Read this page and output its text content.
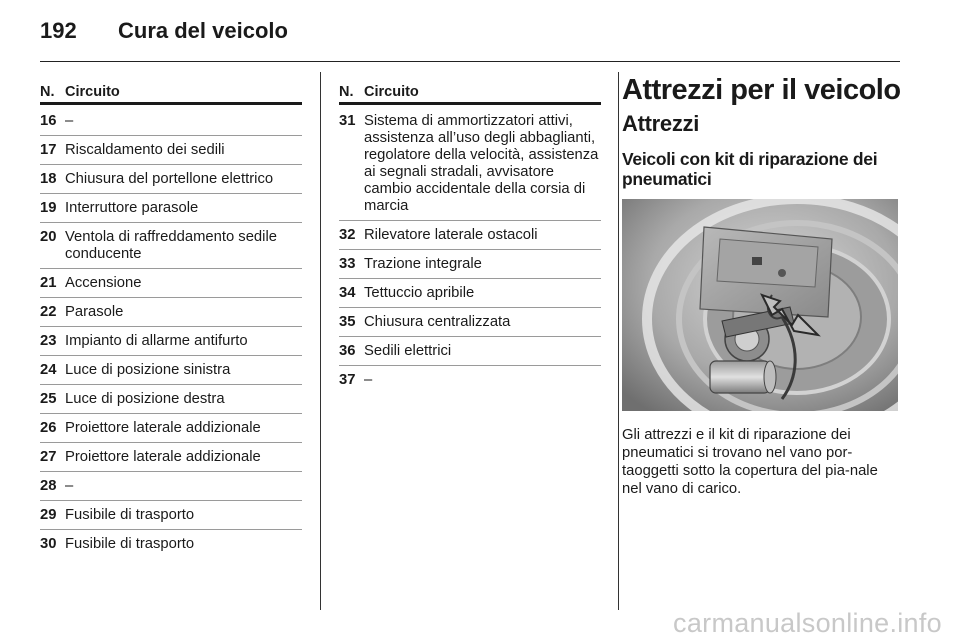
192	Cura del veicolo
N. Circuito
16 –
17 Riscaldamento dei sedili
18 Chiusura del portellone elettrico
19 Interruttore parasole
20 Ventola di raffreddamento sedile conducente
21 Accensione
22 Parasole
23 Impianto di allarme antifurto
24 Luce di posizione sinistra
25 Luce di posizione destra
26 Proiettore laterale addizionale
27 Proiettore laterale addizionale
28 –
29 Fusibile di trasporto
30 Fusibile di trasporto
N. Circuito
31 Sistema di ammortizzatori attivi, assistenza all’uso degli abbaglianti, regolatore della velocità, assistenza ai segnali stradali, avvisatore cambio accidentale della corsia di marcia
32 Rilevatore laterale ostacoli
33 Trazione integrale
34 Tettuccio apribile
35 Chiusura centralizzata
36 Sedili elettrici
37 –
Attrezzi per il veicolo
Attrezzi
Veicoli con kit di riparazione dei pneumatici
Gli attrezzi e il kit di riparazione dei pneumatici si trovano nel vano por-taoggetti sotto la copertura del pia-nale nel vano di carico.
carmanualsonline.info
